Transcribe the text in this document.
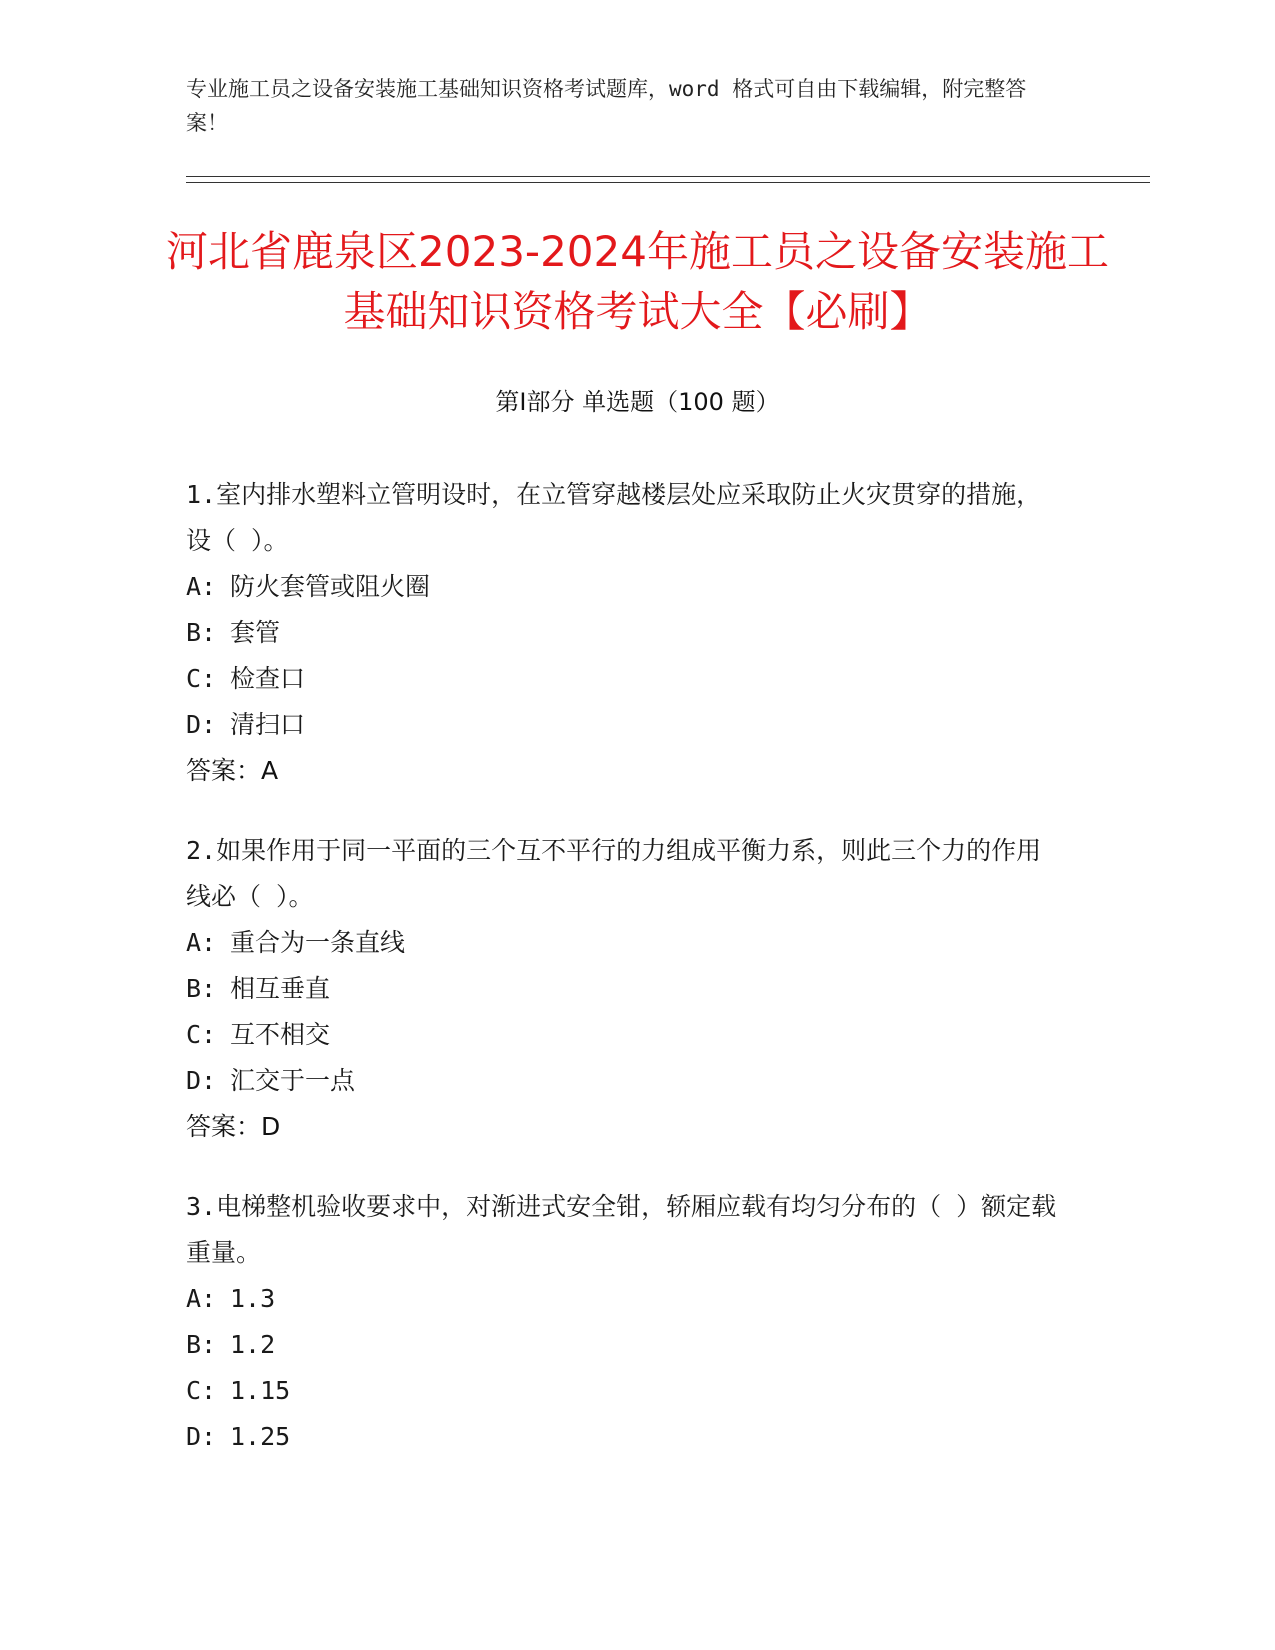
专业施工员之设备安装施工基础知识资格考试题库，word 格式可自由下载编辑，附完整答案！
河北省鹿泉区2023-2024年施工员之设备安装施工基础知识资格考试大全【必刷】
第Ⅰ部分 单选题（100 题）

1.室内排水塑料立管明设时，在立管穿越楼层处应采取防止火灾贯穿的措施，设（ ）。

A: 防火套管或阻火圈
B: 套管
C: 检查口
D: 清扫口
答案：A

2.如果作用于同一平面的三个互不平行的力组成平衡力系，则此三个力的作用线必（ ）。

A: 重合为一条直线
B: 相互垂直
C: 互不相交
D: 汇交于一点
答案：D

3.电梯整机验收要求中，对渐进式安全钳，轿厢应载有均匀分布的（ ）额定载重量。

A: 1.3
B: 1.2
C: 1.15
D: 1.25
